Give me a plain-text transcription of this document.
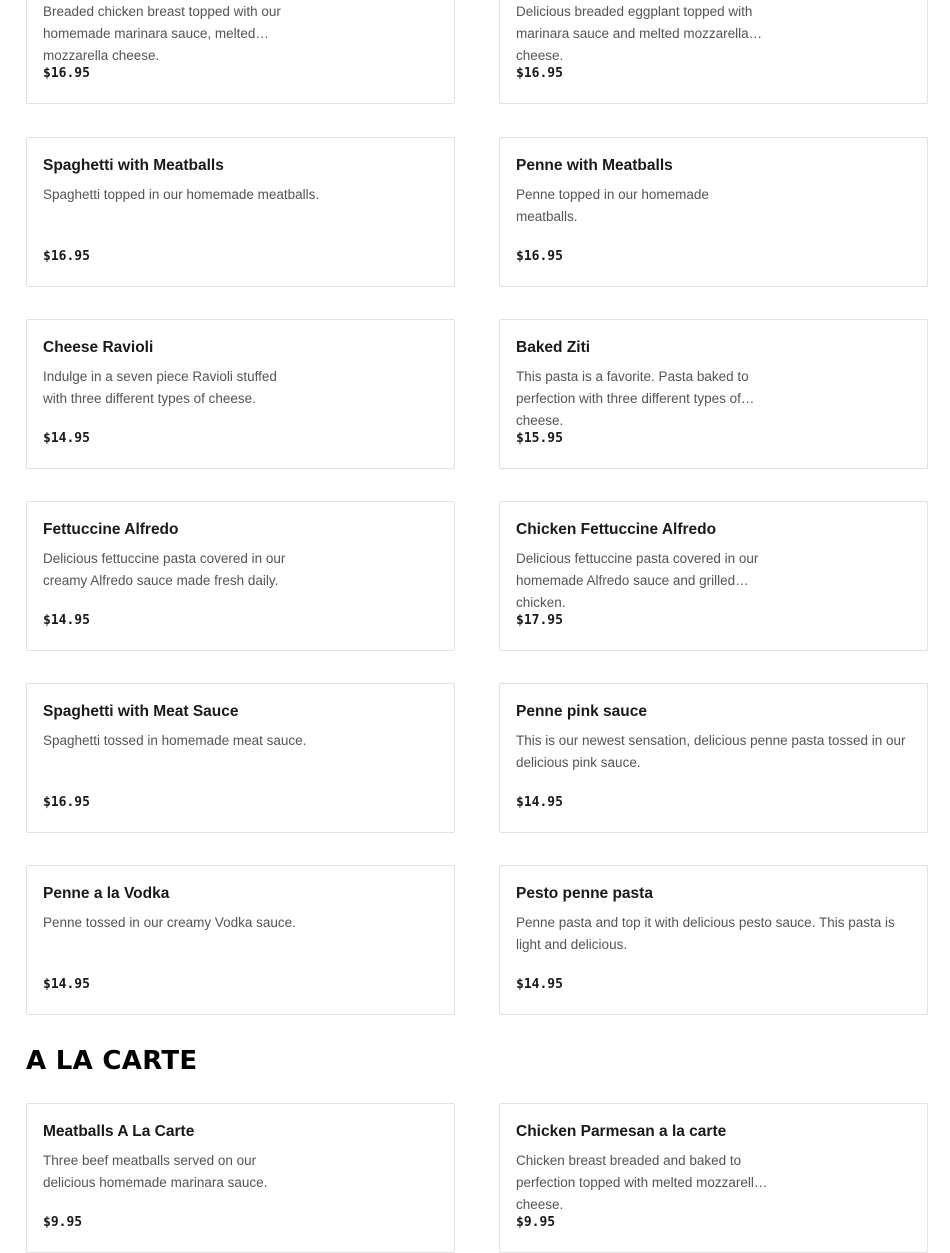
Breaded chicken breast topped with our homemade marinara sauce, melted mozzarella cheese.
$16.95
Delicious breaded eggplant topped with marinara sauce and melted mozzarella cheese.
$16.95
Spaghetti with Meatballs
Spaghetti topped in our homemade meatballs.
$16.95
Penne with Meatballs
Penne topped in our homemade meatballs.
$16.95
Cheese Ravioli
Indulge in a seven piece Ravioli stuffed with three different types of cheese.
$14.95
Baked Ziti
This pasta is a favorite. Pasta baked to perfection with three different types of cheese.
$15.95
Fettuccine Alfredo
Delicious fettuccine pasta covered in our creamy Alfredo sauce made fresh daily.
$14.95
Chicken Fettuccine Alfredo
Delicious fettuccine pasta covered in our homemade Alfredo sauce and grilled chicken.
$17.95
Spaghetti with Meat Sauce
Spaghetti tossed in homemade meat sauce.
$16.95
Penne pink sauce
This is our newest sensation, delicious penne pasta tossed in our delicious pink sauce.
$14.95
Penne a la Vodka
Penne tossed in our creamy Vodka sauce.
$14.95
Pesto penne pasta
Penne pasta and top it with delicious pesto sauce. This pasta is light and delicious.
$14.95
A LA CARTE
Meatballs A La Carte
Three beef meatballs served on our delicious homemade marinara sauce.
$9.95
Chicken Parmesan a la carte
Chicken breast breaded and baked to perfection topped with melted mozzarella cheese.
$9.95
